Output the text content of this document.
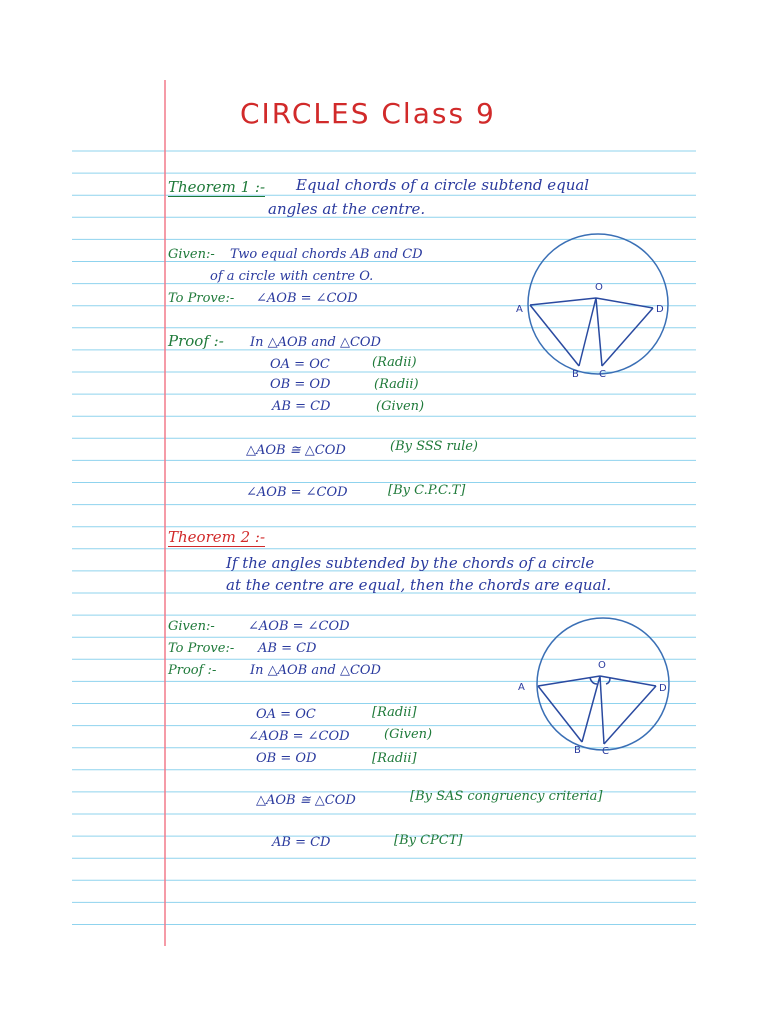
CIRCLES Class 9
Theorem 1 :- Equal chords of a circle subtend equal
angles at the centre.
Given:- Two equal chords AB and CD
of a circle with centre O.
To Prove:- ∠AOB = ∠COD
Proof :- In △AOB and △COD
OA = OC	(Radii)
OB = OD	(Radii)
AB = CD	(Given)
△AOB ≅ △COD	(By SSS rule)
∠AOB = ∠COD	[By C.P.C.T]
A
B C
D
O
Theorem 2 :-
If the angles subtended by the chords of a circle
at the centre are equal, then the chords are equal.
Given:-	∠AOB = ∠COD
To Prove:- AB = CD
Proof :-	In △AOB and △COD
OA = OC	[Radii]
∠AOB = ∠COD	(Given)
OB = OD	[Radii]
△AOB ≅ △COD	[By SAS congruency criteria]
AB = CD	[By CPCT]
A
B C
D
O
